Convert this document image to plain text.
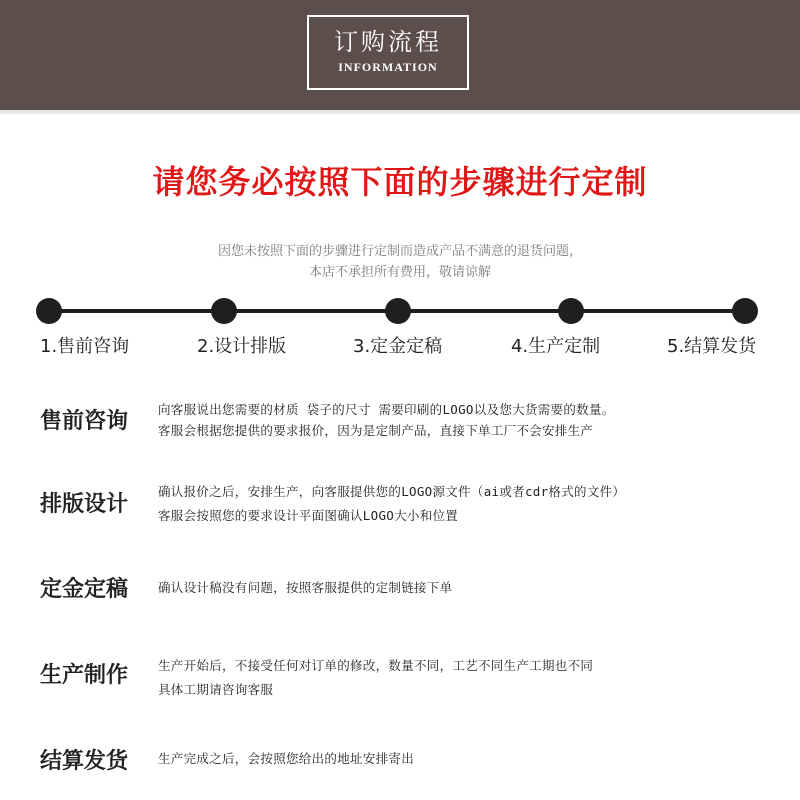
订购流程
INFORMATION
请您务必按照下面的步骤进行定制
因您未按照下面的步骤进行定制而造成产品不满意的退货问题，
本店不承担所有费用，敬请谅解
1.售前咨询	2.设计排版	3.定金定稿	4.生产定制	5.结算发货
售前咨询 向客服说出您需要的材质 袋子的尺寸 需要印刷的LOGO以及您大货需要的数量。
客服会根据您提供的要求报价，因为是定制产品，直接下单工厂不会安排生产
排版设计
确认报价之后，安排生产，向客服提供您的LOGO源文件（ai或者cdr格式的文件）
客服会按照您的要求设计平面图确认LOGO大小和位置
定金定稿 确认设计稿没有问题，按照客服提供的定制链接下单
生产制作 生产开始后，不接受任何对订单的修改，数量不同，工艺不同生产工期也不同
具体工期请咨询客服
结算发货 生产完成之后，会按照您给出的地址安排寄出
